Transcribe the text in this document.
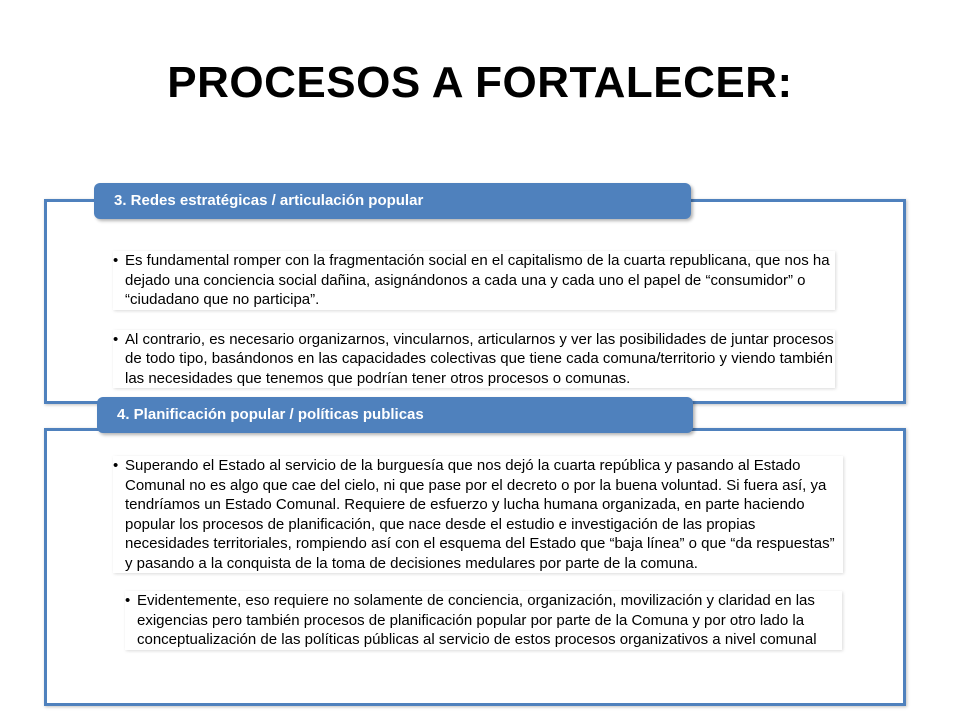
PROCESOS A FORTALECER:
3. Redes estratégicas / articulación popular
• Es fundamental romper con la fragmentación social en el capitalismo de la cuarta republicana, que nos ha dejado una conciencia social dañina, asignándonos a cada una y cada uno el papel de “consumidor” o “ciudadano que no participa”.
• Al contrario, es necesario organizarnos, vincularnos, articularnos y ver las posibilidades de juntar procesos de todo tipo, basándonos en las capacidades colectivas que tiene cada comuna/territorio y viendo también las necesidades que tenemos que podrían tener otros procesos o comunas.
4. Planificación popular / políticas publicas
• Superando el Estado al servicio de la burguesía que nos dejó la cuarta república y pasando al Estado Comunal no es algo que cae del cielo, ni que pase por el decreto o por la buena voluntad. Si fuera así, ya tendríamos un Estado Comunal. Requiere de esfuerzo y lucha humana organizada, en parte haciendo popular los procesos de planificación, que nace desde el estudio e investigación de las propias necesidades territoriales, rompiendo así con el esquema del Estado que “baja línea” o que “da respuestas” y pasando a la conquista de la toma de decisiones medulares por parte de la comuna.
• Evidentemente, eso requiere no solamente de conciencia, organización, movilización y claridad en las exigencias pero también procesos de planificación popular por parte de la Comuna y por otro lado la conceptualización de las políticas públicas al servicio de estos procesos organizativos a nivel comunal
